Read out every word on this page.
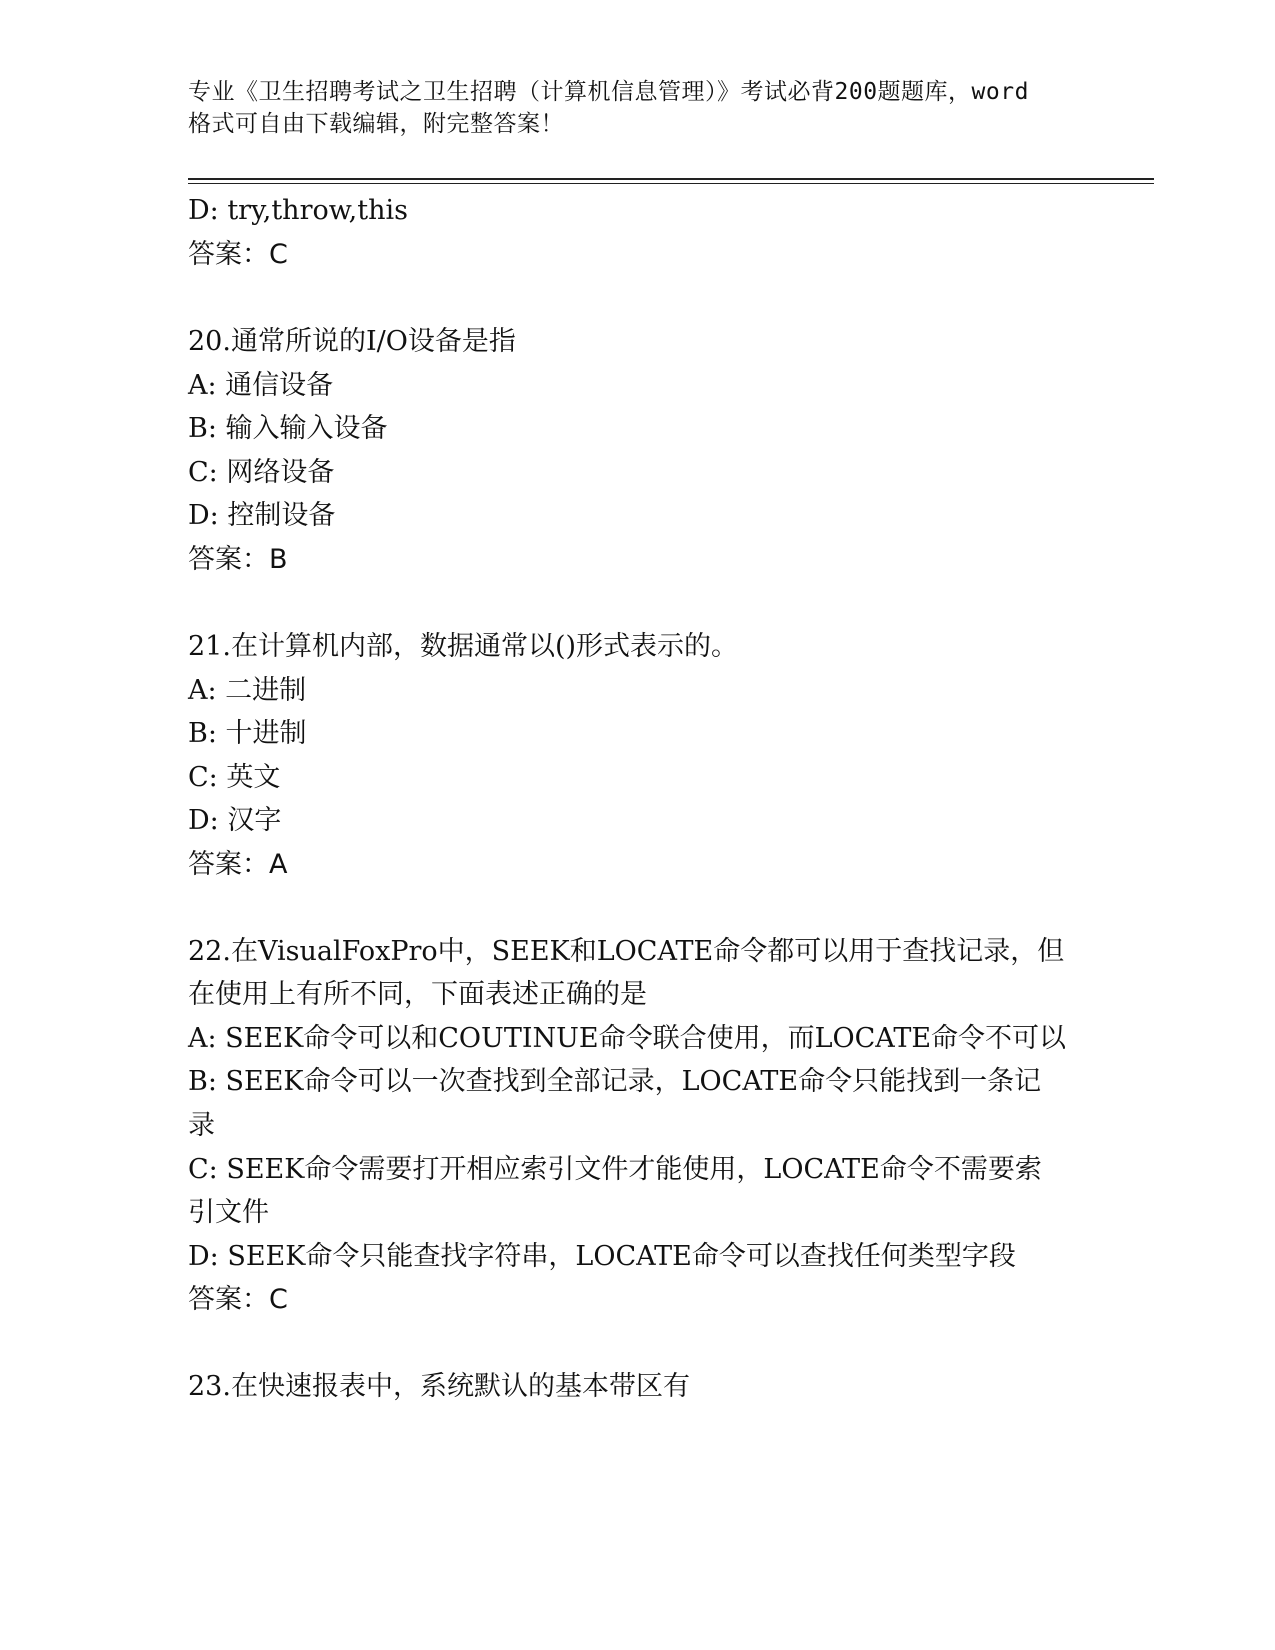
专业《卫生招聘考试之卫生招聘（计算机信息管理）》考试必背200题题库，word
格式可自由下载编辑，附完整答案！
D: try,throw,this
答案：C
20.通常所说的I/O设备是指
A: 通信设备
B: 输入输入设备
C: 网络设备
D: 控制设备
答案：B
21.在计算机内部，数据通常以()形式表示的。
A: 二进制
B: 十进制
C: 英文
D: 汉字
答案：A
22.在VisualFoxPro中，SEEK和LOCATE命令都可以用于查找记录，但
在使用上有所不同，下面表述正确的是
A: SEEK命令可以和COUTINUE命令联合使用，而LOCATE命令不可以
B: SEEK命令可以一次查找到全部记录，LOCATE命令只能找到一条记
录
C: SEEK命令需要打开相应索引文件才能使用，LOCATE命令不需要索
引文件
D: SEEK命令只能查找字符串，LOCATE命令可以查找任何类型字段
答案：C
23.在快速报表中，系统默认的基本带区有
